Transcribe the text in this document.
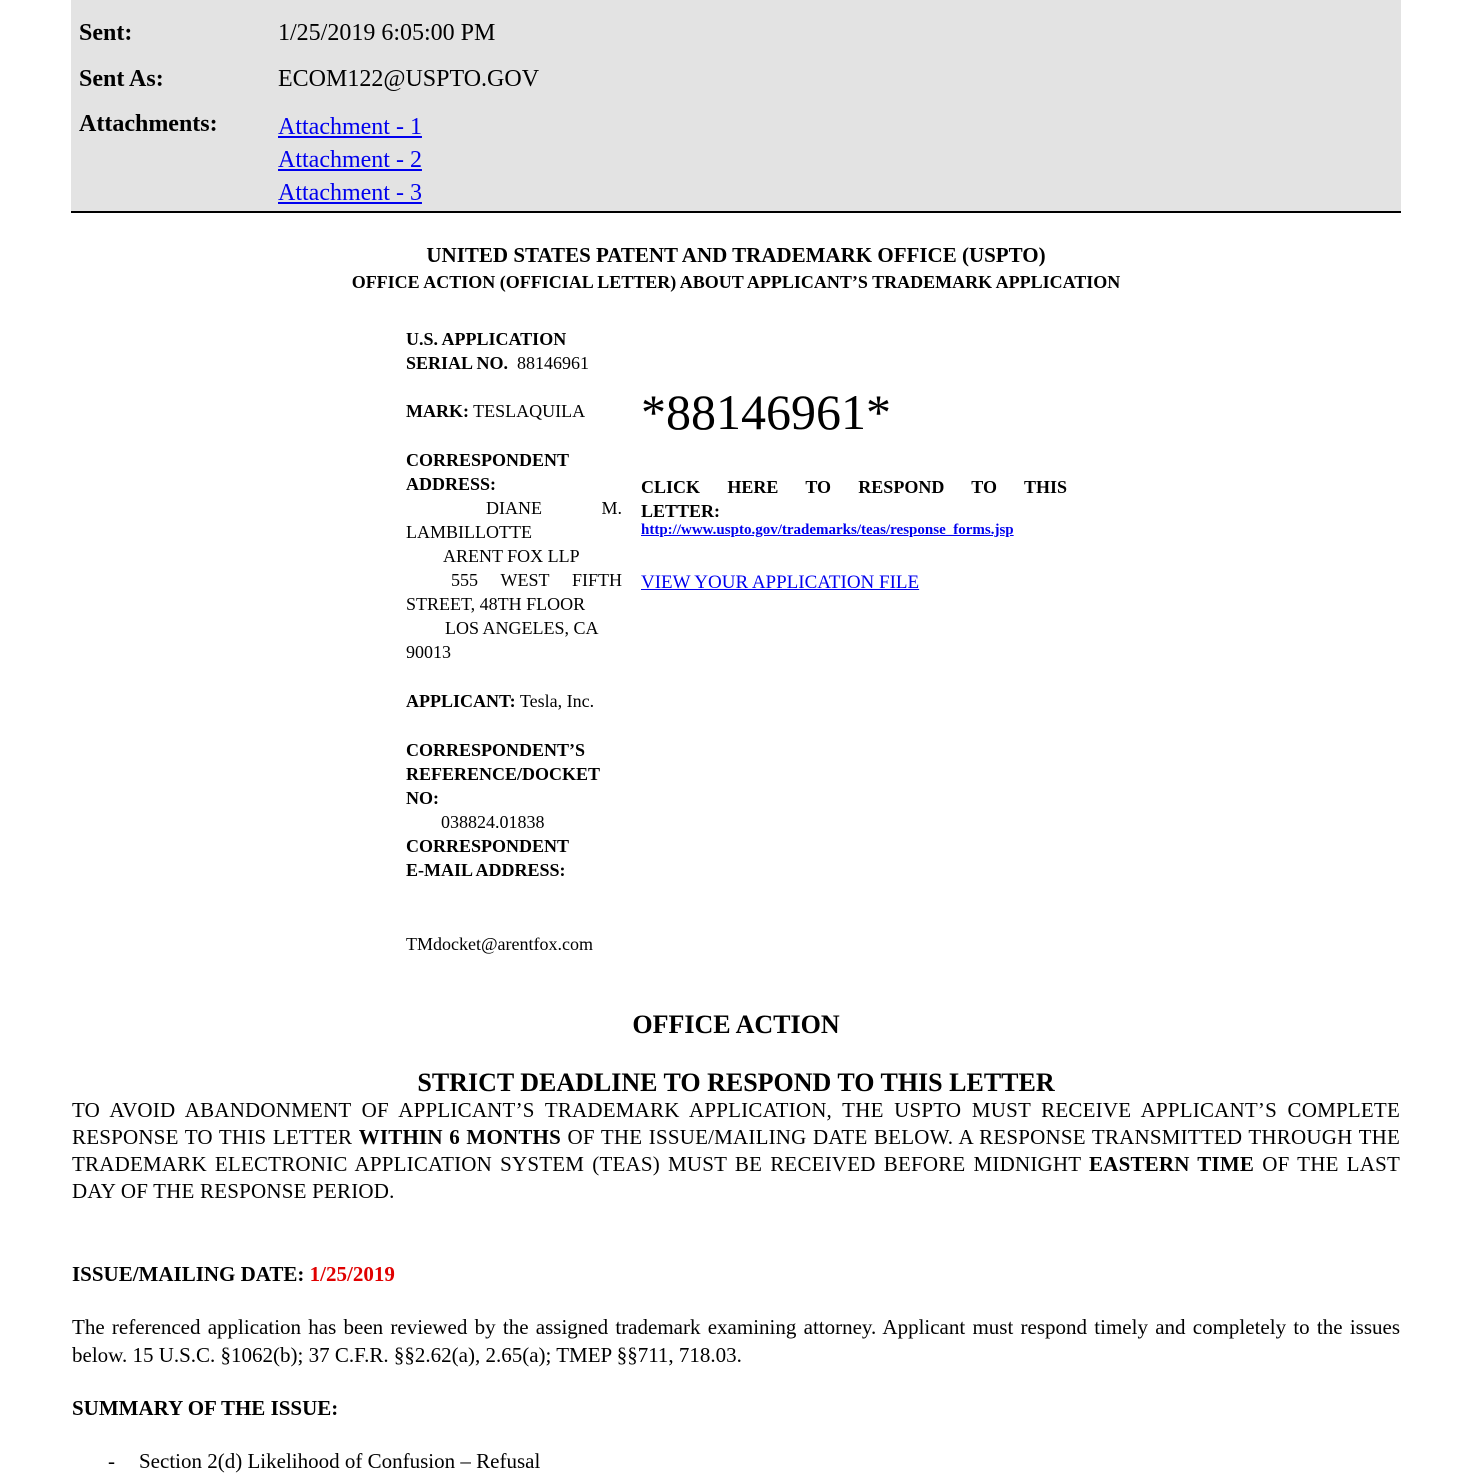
Sent:	1/25/2019 6:05:00 PM
Sent As:	ECOM122@USPTO.GOV
Attachments:	Attachment - 1
Attachment - 2
Attachment - 3
UNITED STATES PATENT AND TRADEMARK OFFICE (USPTO)
OFFICE ACTION (OFFICIAL LETTER) ABOUT APPLICANT’S TRADEMARK APPLICATION
U.S. APPLICATION
SERIAL NO. 88146961
MARK: TESLAQUILA
CORRESPONDENT
ADDRESS:
DIANE	M.
LAMBILLOTTE
ARENT FOX LLP
555 WEST FIFTH
STREET, 48TH FLOOR
LOS ANGELES, CA
90013
APPLICANT: Tesla, Inc.
CORRESPONDENT’S
REFERENCE/DOCKET
NO:
038824.01838
CORRESPONDENT
E-MAIL ADDRESS:
TMdocket@arentfox.com
*88146961*
CLICK HERE TO RESPOND TO THIS
LETTER:
http://www.uspto.gov/trademarks/teas/response_forms.jsp
VIEW YOUR APPLICATION FILE
OFFICE ACTION
STRICT DEADLINE TO RESPOND TO THIS LETTER
TO AVOID ABANDONMENT OF APPLICANT’S TRADEMARK APPLICATION, THE USPTO MUST RECEIVE APPLICANT’S COMPLETE RESPONSE TO THIS LETTER WITHIN 6 MONTHS OF THE ISSUE/MAILING DATE BELOW. A RESPONSE TRANSMITTED THROUGH THE TRADEMARK ELECTRONIC APPLICATION SYSTEM (TEAS) MUST BE RECEIVED BEFORE MIDNIGHT EASTERN TIME OF THE LAST DAY OF THE RESPONSE PERIOD.
ISSUE/MAILING DATE: 1/25/2019
The referenced application has been reviewed by the assigned trademark examining attorney. Applicant must respond timely and completely to the issues below. 15 U.S.C. §1062(b); 37 C.F.R. §§2.62(a), 2.65(a); TMEP §§711, 718.03.
SUMMARY OF THE ISSUE:
- Section 2(d) Likelihood of Confusion – Refusal
